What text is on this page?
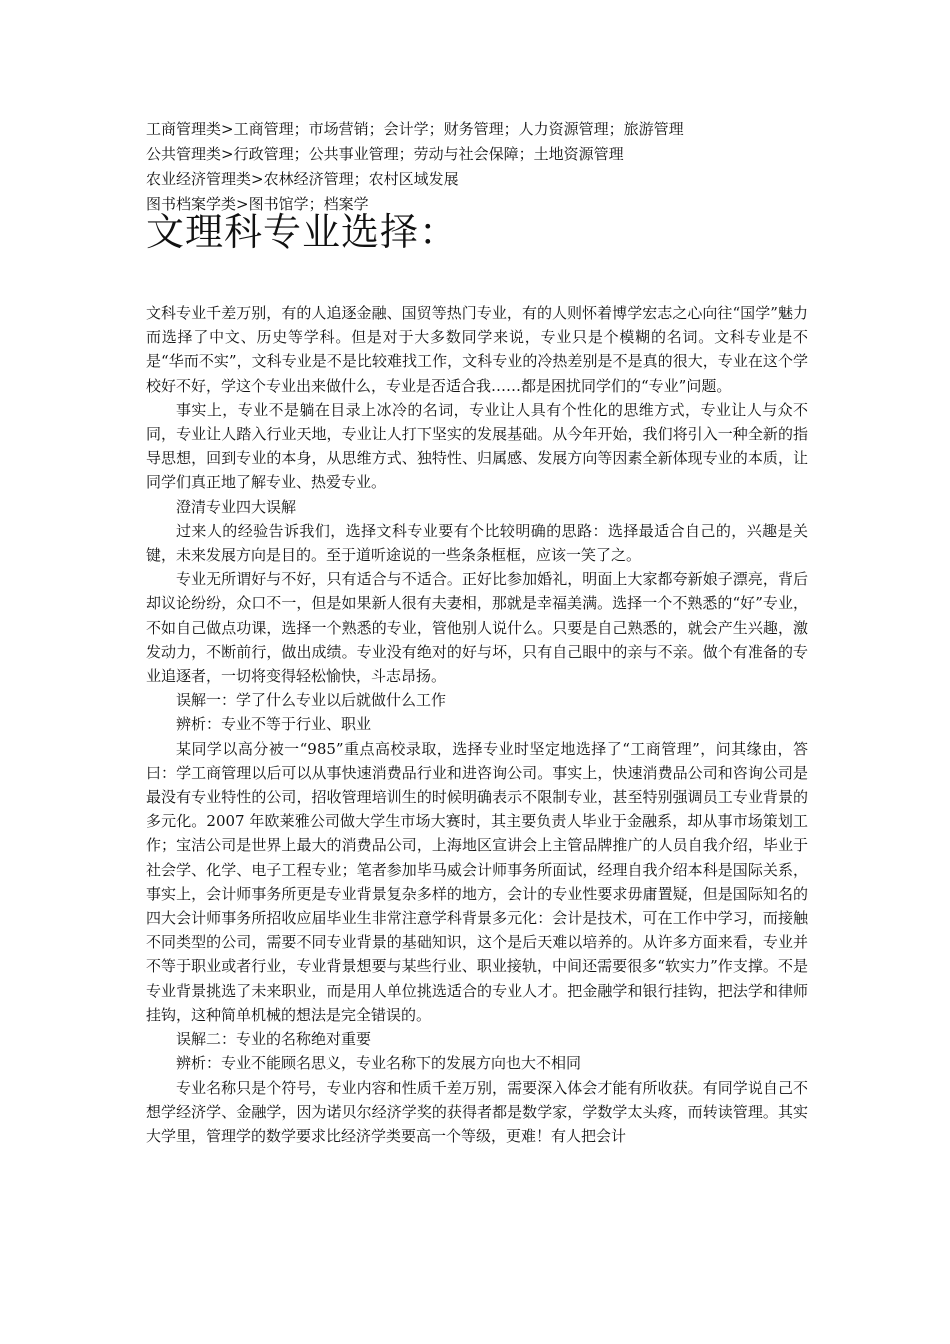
工商管理类>工商管理；市场营销；会计学；财务管理；人力资源管理；旅游管理
公共管理类>行政管理；公共事业管理；劳动与社会保障；土地资源管理
农业经济管理类>农林经济管理；农村区域发展
图书档案学类>图书馆学；档案学
文理科专业选择：

文科专业千差万别，有的人追逐金融、国贸等热门专业，有的人则怀着博学宏志之心向往“国学”魅力而选择了中文、历史等学科。但是对于大多数同学来说，专业只是个模糊的名词。文科专业是不是“华而不实”，文科专业是不是比较难找工作，文科专业的冷热差别是不是真的很大，专业在这个学校好不好，学这个专业出来做什么，专业是否适合我……都是困扰同学们的“专业”问题。

事实上，专业不是躺在目录上冰冷的名词，专业让人具有个性化的思维方式，专业让人与众不同，专业让人踏入行业天地，专业让人打下坚实的发展基础。从今年开始，我们将引入一种全新的指导思想，回到专业的本身，从思维方式、独特性、归属感、发展方向等因素全新体现专业的本质，让同学们真正地了解专业、热爱专业。

澄清专业四大误解

过来人的经验告诉我们，选择文科专业要有个比较明确的思路：选择最适合自己的，兴趣是关键，未来发展方向是目的。至于道听途说的一些条条框框，应该一笑了之。

专业无所谓好与不好，只有适合与不适合。正好比参加婚礼，明面上大家都夸新娘子漂亮，背后却议论纷纷，众口不一，但是如果新人很有夫妻相，那就是幸福美满。选择一个不熟悉的“好”专业，不如自己做点功课，选择一个熟悉的专业，管他别人说什么。只要是自己熟悉的，就会产生兴趣，激发动力，不断前行，做出成绩。专业没有绝对的好与坏，只有自己眼中的亲与不亲。做个有准备的专业追逐者，一切将变得轻松愉快，斗志昂扬。

误解一：学了什么专业以后就做什么工作

辨析：专业不等于行业、职业

某同学以高分被一“985”重点高校录取，选择专业时坚定地选择了“工商管理”，问其缘由，答曰：学工商管理以后可以从事快速消费品行业和进咨询公司。事实上，快速消费品公司和咨询公司是最没有专业特性的公司，招收管理培训生的时候明确表示不限制专业，甚至特别强调员工专业背景的多元化。2007 年欧莱雅公司做大学生市场大赛时，其主要负责人毕业于金融系，却从事市场策划工作；宝洁公司是世界上最大的消费品公司，上海地区宣讲会上主管品牌推广的人员自我介绍，毕业于社会学、化学、电子工程专业；笔者参加毕马威会计师事务所面试，经理自我介绍本科是国际关系，事实上，会计师事务所更是专业背景复杂多样的地方，会计的专业性要求毋庸置疑，但是国际知名的四大会计师事务所招收应届毕业生非常注意学科背景多元化：会计是技术，可在工作中学习，而接触不同类型的公司，需要不同专业背景的基础知识，这个是后天难以培养的。从许多方面来看，专业并不等于职业或者行业，专业背景想要与某些行业、职业接轨，中间还需要很多“软实力”作支撑。不是专业背景挑选了未来职业，而是用人单位挑选适合的专业人才。把金融学和银行挂钩，把法学和律师挂钩，这种简单机械的想法是完全错误的。

误解二：专业的名称绝对重要

辨析：专业不能顾名思义，专业名称下的发展方向也大不相同

专业名称只是个符号，专业内容和性质千差万别，需要深入体会才能有所收获。有同学说自己不想学经济学、金融学，因为诺贝尔经济学奖的获得者都是数学家，学数学太头疼，而转读管理。其实大学里，管理学的数学要求比经济学类要高一个等级，更难！有人把会计
